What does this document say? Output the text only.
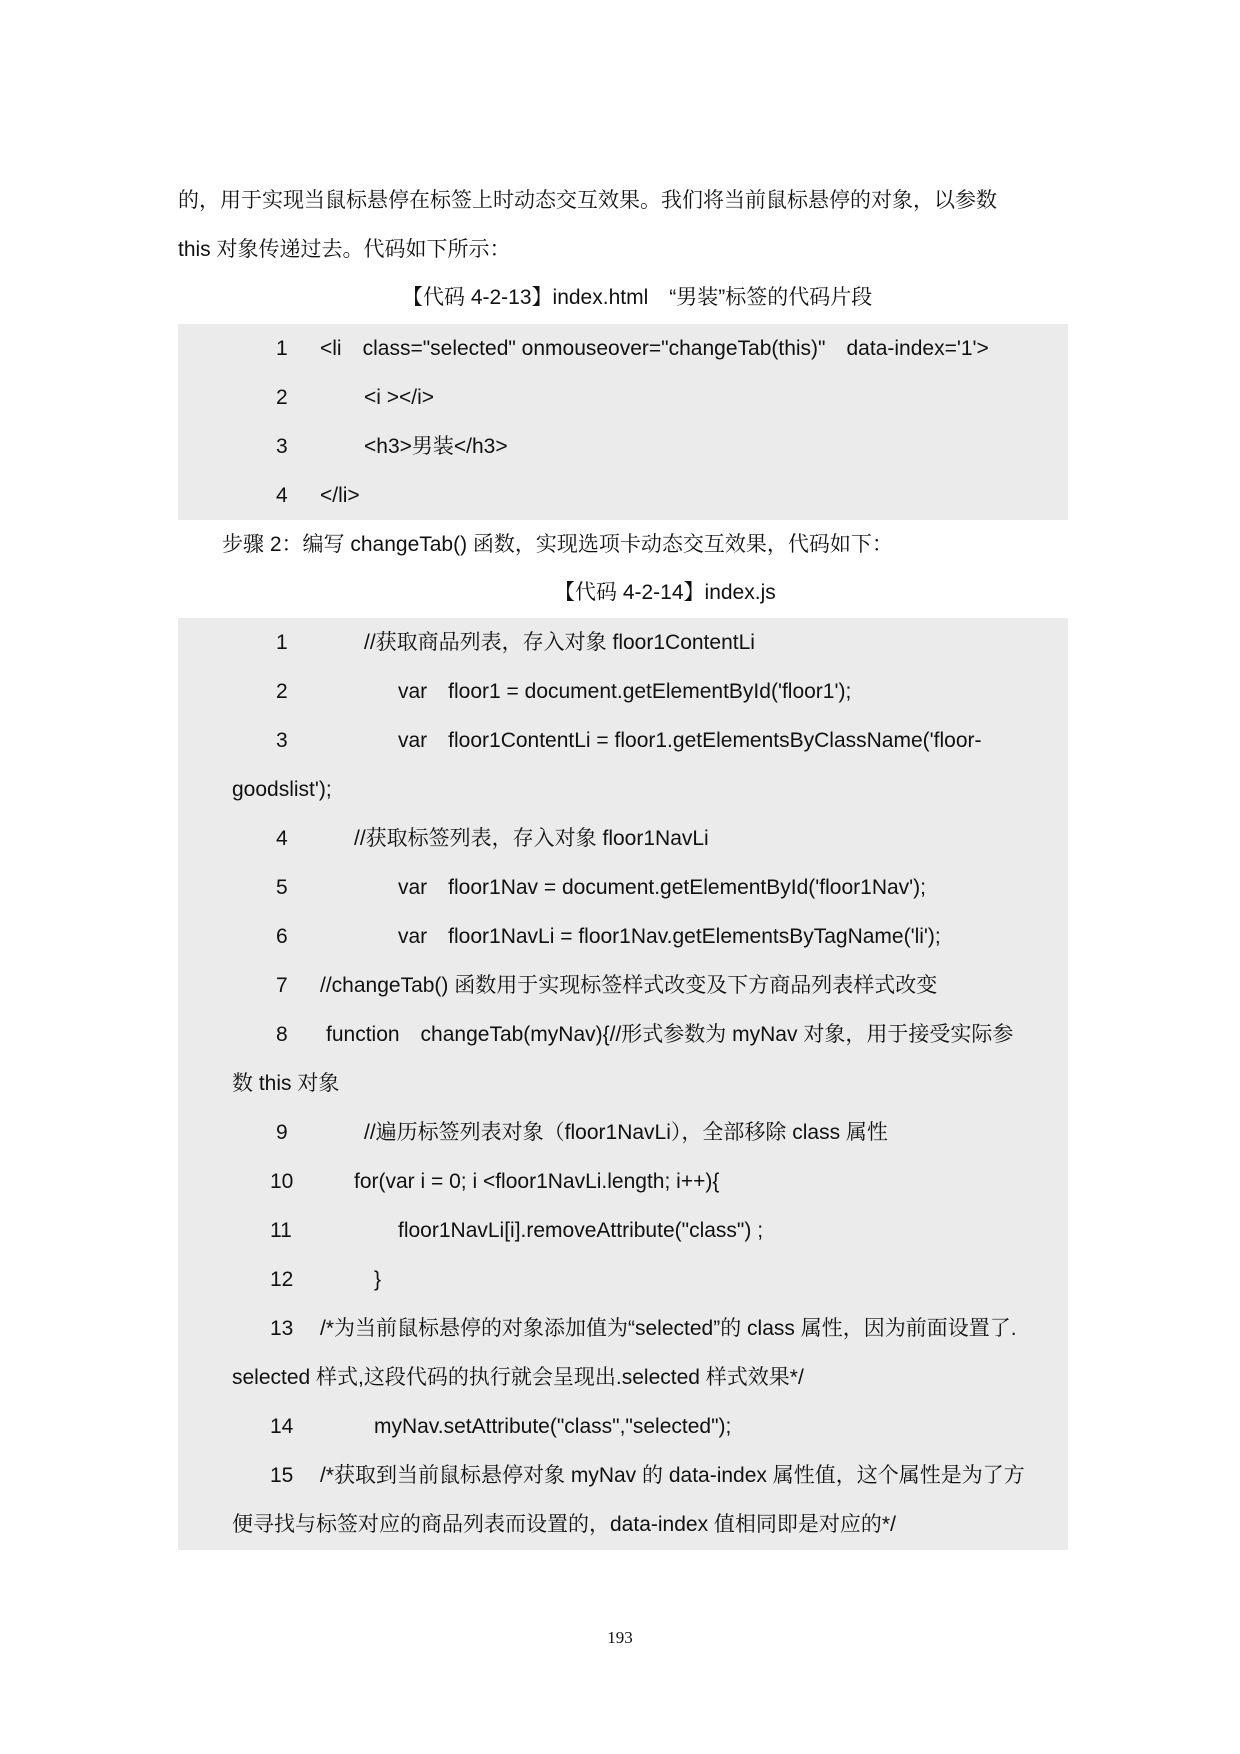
的，用于实现当鼠标悬停在标签上时动态交互效果。我们将当前鼠标悬停的对象，以参数
this 对象传递过去。代码如下所示：
【代码 4-2-13】index.html　“男装”标签的代码片段
1 <li　class="selected" onmouseover="changeTab(this)"　data-index='1'>
2	<i ></i>
3	<h3>男装</h3>
4 </li>
步骤 2：编写 changeTab() 函数，实现选项卡动态交互效果，代码如下：
【代码 4-2-14】index.js
1	//获取商品列表，存入对象 floor1ContentLi
2	var　floor1 = document.getElementById('floor1');
3	var　floor1ContentLi = floor1.getElementsByClassName('floor-
goodslist');
4	//获取标签列表，存入对象 floor1NavLi
5	var　floor1Nav = document.getElementById('floor1Nav');
6	var　floor1NavLi = floor1Nav.getElementsByTagName('li');
7 //changeTab() 函数用于实现标签样式改变及下方商品列表样式改变
8 function　changeTab(myNav){//形式参数为 myNav 对象，用于接受实际参
数 this 对象
9	//遍历标签列表对象（floor1NavLi），全部移除 class 属性
10	for(var i = 0; i <floor1NavLi.length; i++){
11	floor1NavLi[i].removeAttribute("class") ;
12	}
13 /*为当前鼠标悬停的对象添加值为“selected”的 class 属性，因为前面设置了.
selected 样式,这段代码的执行就会呈现出.selected 样式效果*/
14	myNav.setAttribute("class","selected");
15 /*获取到当前鼠标悬停对象 myNav 的 data-index 属性值，这个属性是为了方
便寻找与标签对应的商品列表而设置的，data-index 值相同即是对应的*/
193
